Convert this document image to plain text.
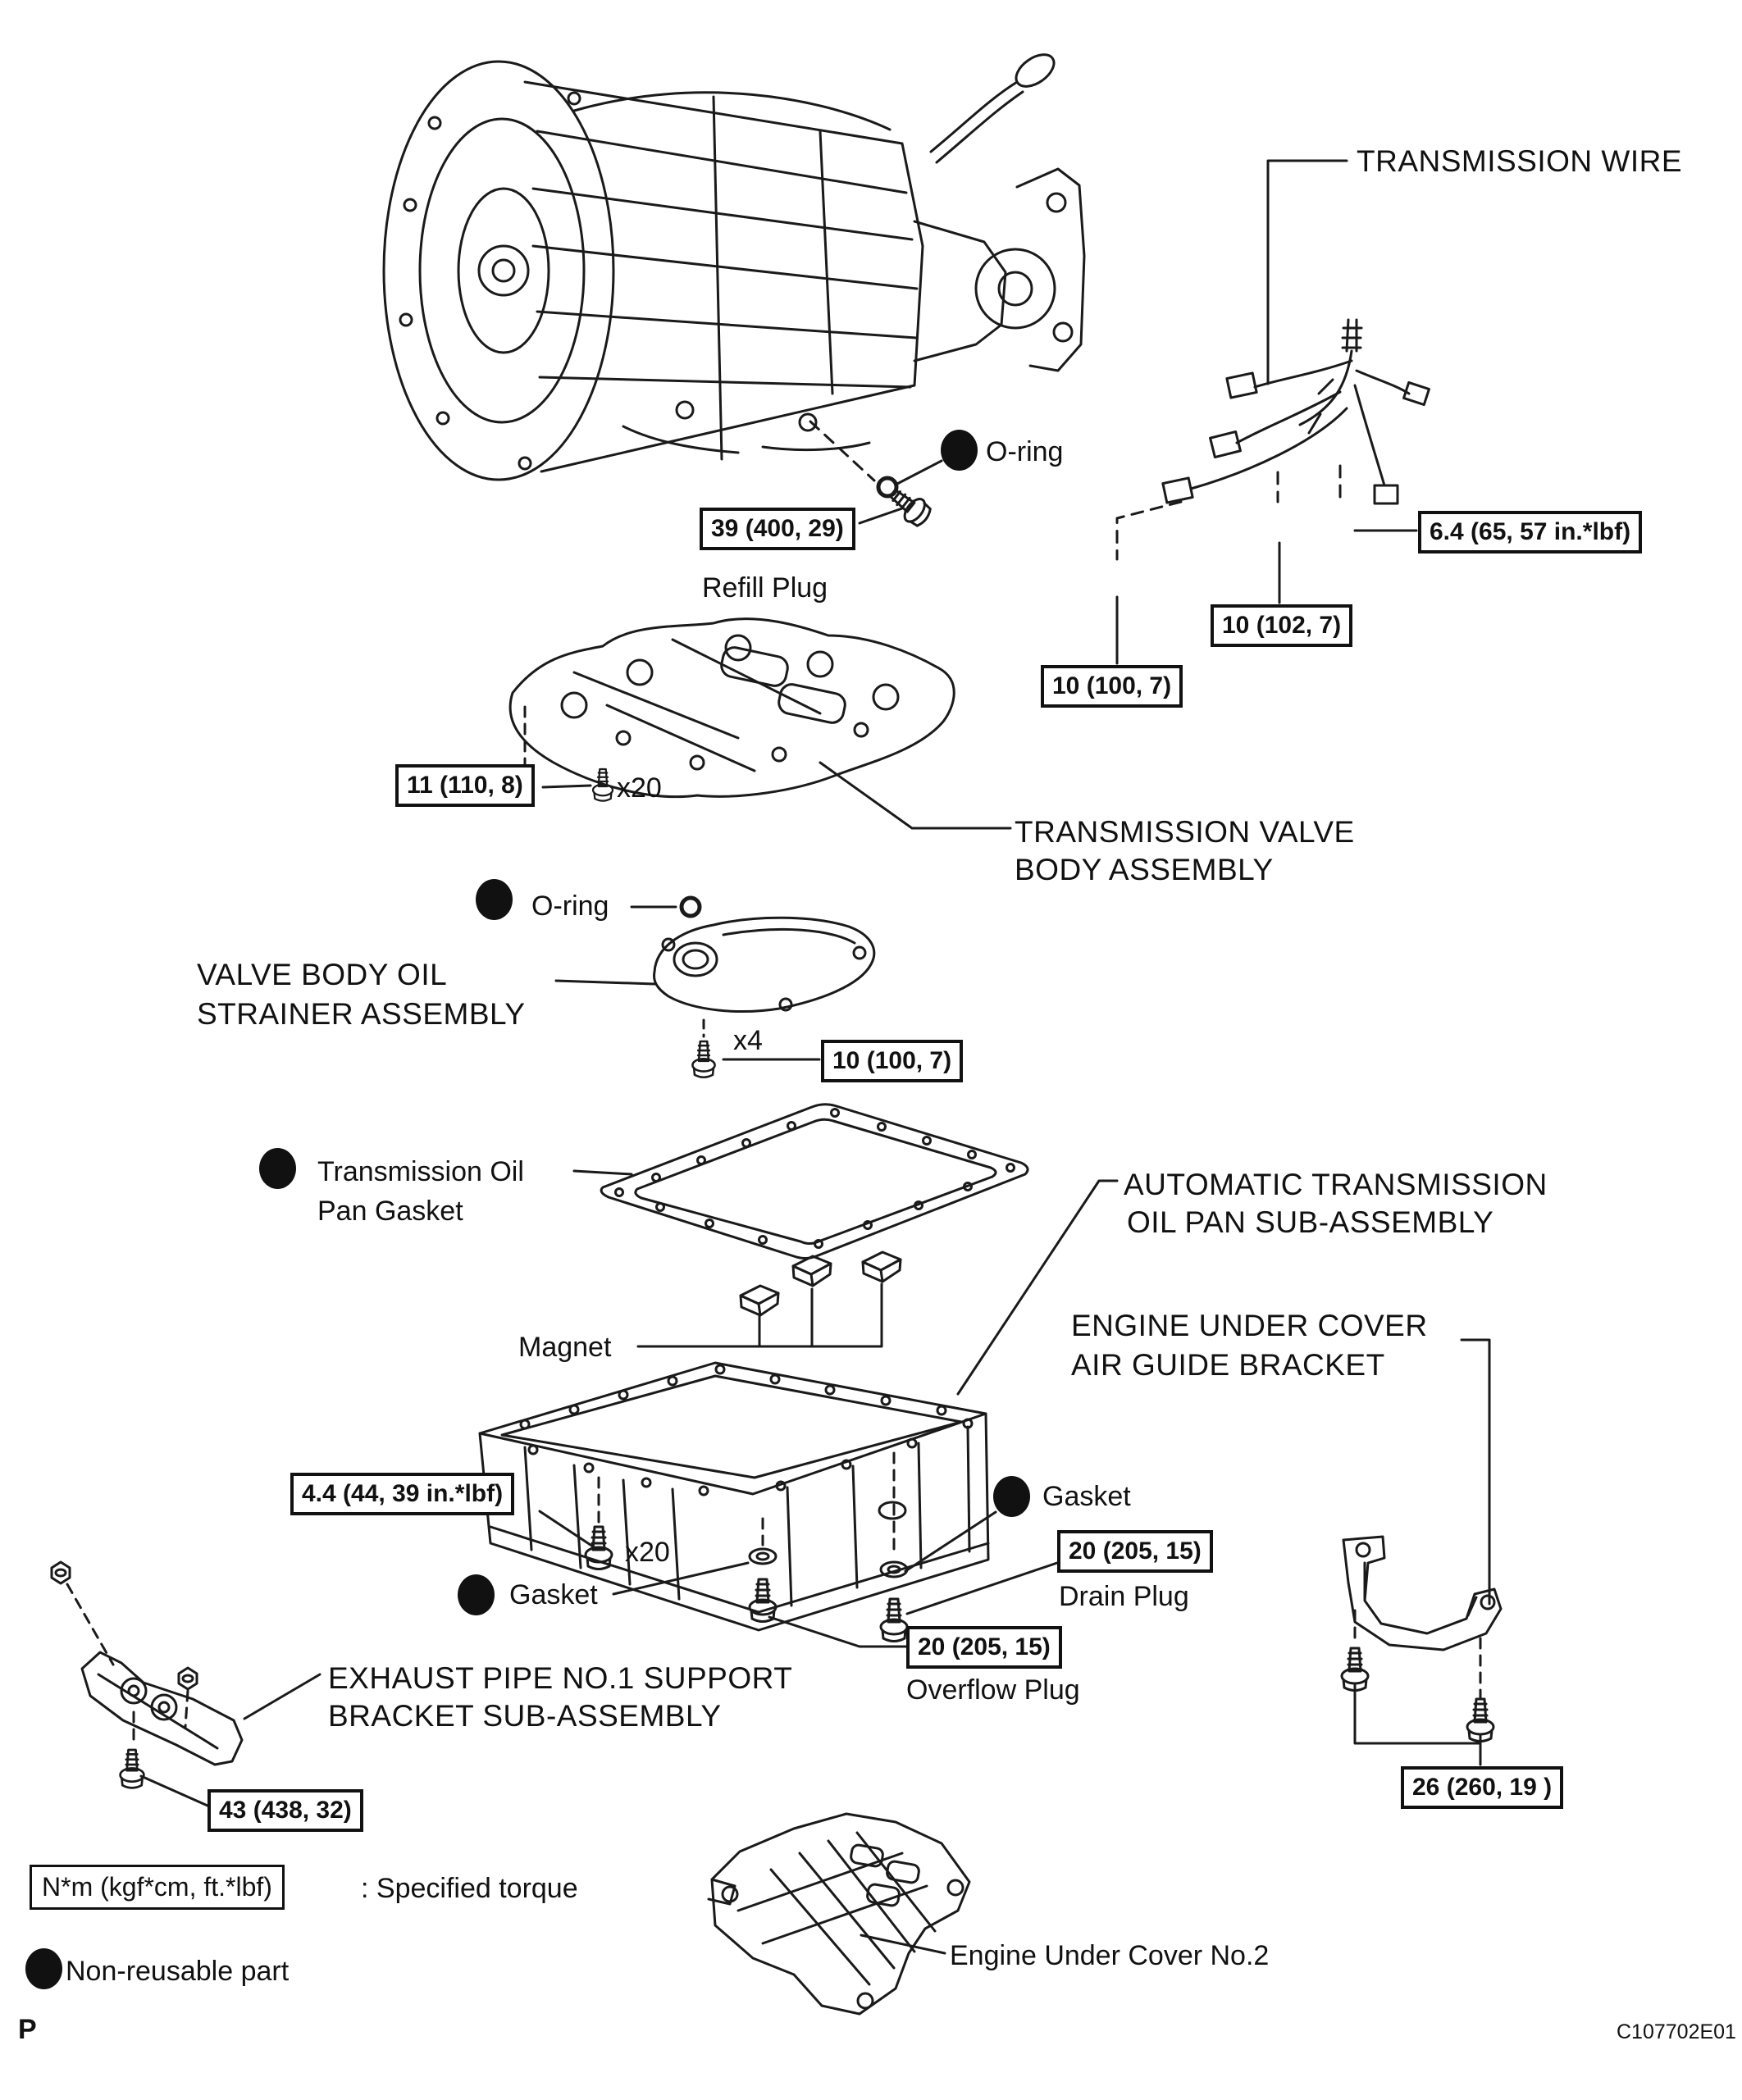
TRANSMISSION WIRE
O-ring
39 (400, 29)
Refill Plug
6.4 (65, 57 in.*lbf)
10 (102, 7)
10 (100, 7)
11 (110, 8)	x20
TRANSMISSION VALVE
BODY ASSEMBLY
O-ring
VALVE BODY OIL
STRAINER ASSEMBLY
x4
10 (100, 7)
Transmission Oil
Pan Gasket
AUTOMATIC TRANSMISSION
OIL PAN SUB-ASSEMBLY
ENGINE UNDER COVER
AIR GUIDE BRACKET
Magnet
4.4 (44, 39 in.*lbf)
x20
Gasket
Gasket
20 (205, 15)
Drain Plug
20 (205, 15)
Overflow Plug
EXHAUST PIPE NO.1 SUPPORT
BRACKET SUB-ASSEMBLY
43 (438, 32)
26 (260, 19 )
N*m (kgf*cm, ft.*lbf)	: Specified torque
Non-reusable part	Engine Under Cover No.2
P	C107702E01
